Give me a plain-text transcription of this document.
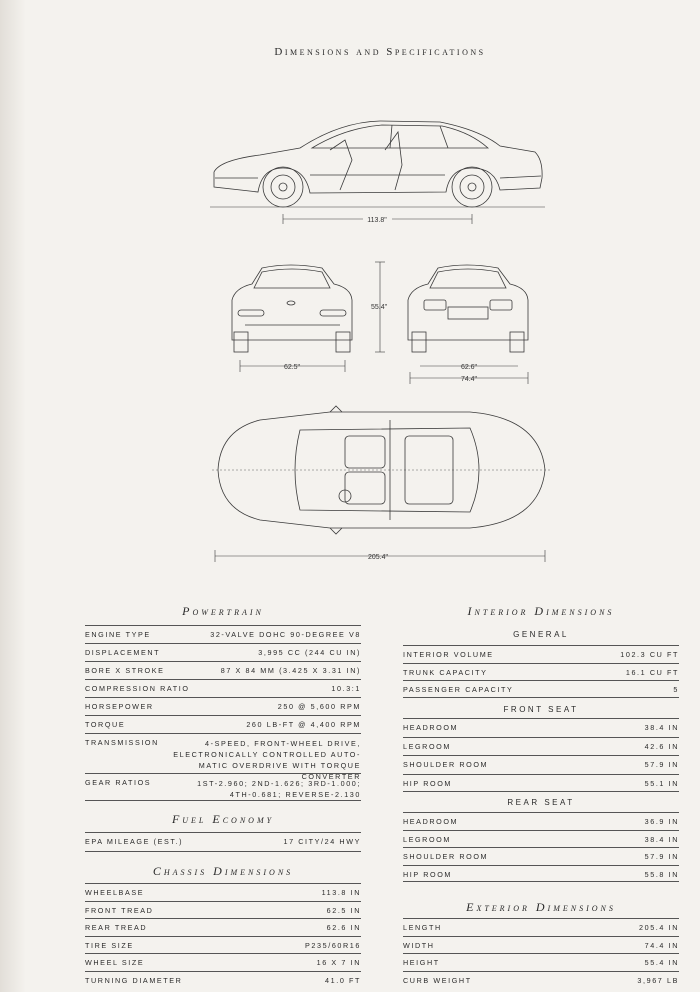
Dimensions and Specifications
113.8"
55.4"
62.5"	62.6"
74.4"
205.4"
Powertrain
ENGINE TYPE	32-VALVE DOHC 90-DEGREE V8
DISPLACEMENT	3,995 CC (244 CU IN)
BORE X STROKE	87 X 84 MM (3.425 X 3.31 IN)
COMPRESSION RATIO	10.3:1
HORSEPOWER	250 @ 5,600 RPM
TORQUE	260 LB-FT @ 4,400 RPM
TRANSMISSION	4-SPEED, FRONT-WHEEL DRIVE,
ELECTRONICALLY CONTROLLED AUTO-
MATIC OVERDRIVE WITH TORQUE CONVERTER
GEAR RATIOS	1ST-2.960; 2ND-1.626; 3RD-1.000;
4TH-0.681; REVERSE-2.130
Fuel Economy
EPA MILEAGE (EST.)	17 CITY/24 HWY
Chassis Dimensions
WHEELBASE	113.8 IN
FRONT TREAD	62.5 IN
REAR TREAD	62.6 IN
TIRE SIZE	P235/60R16
WHEEL SIZE	16 X 7 IN
TURNING DIAMETER	41.0 FT
Interior Dimensions
GENERAL
INTERIOR VOLUME	102.3 CU FT
TRUNK CAPACITY	16.1 CU FT
PASSENGER CAPACITY	5
FRONT SEAT
HEADROOM	38.4 IN
LEGROOM	42.6 IN
SHOULDER ROOM	57.9 IN
HIP ROOM	55.1 IN
REAR SEAT
HEADROOM	36.9 IN
LEGROOM	38.4 IN
SHOULDER ROOM	57.9 IN
HIP ROOM	55.8 IN
Exterior Dimensions
LENGTH	205.4 IN
WIDTH	74.4 IN
HEIGHT	55.4 IN
CURB WEIGHT	3,967 LB
